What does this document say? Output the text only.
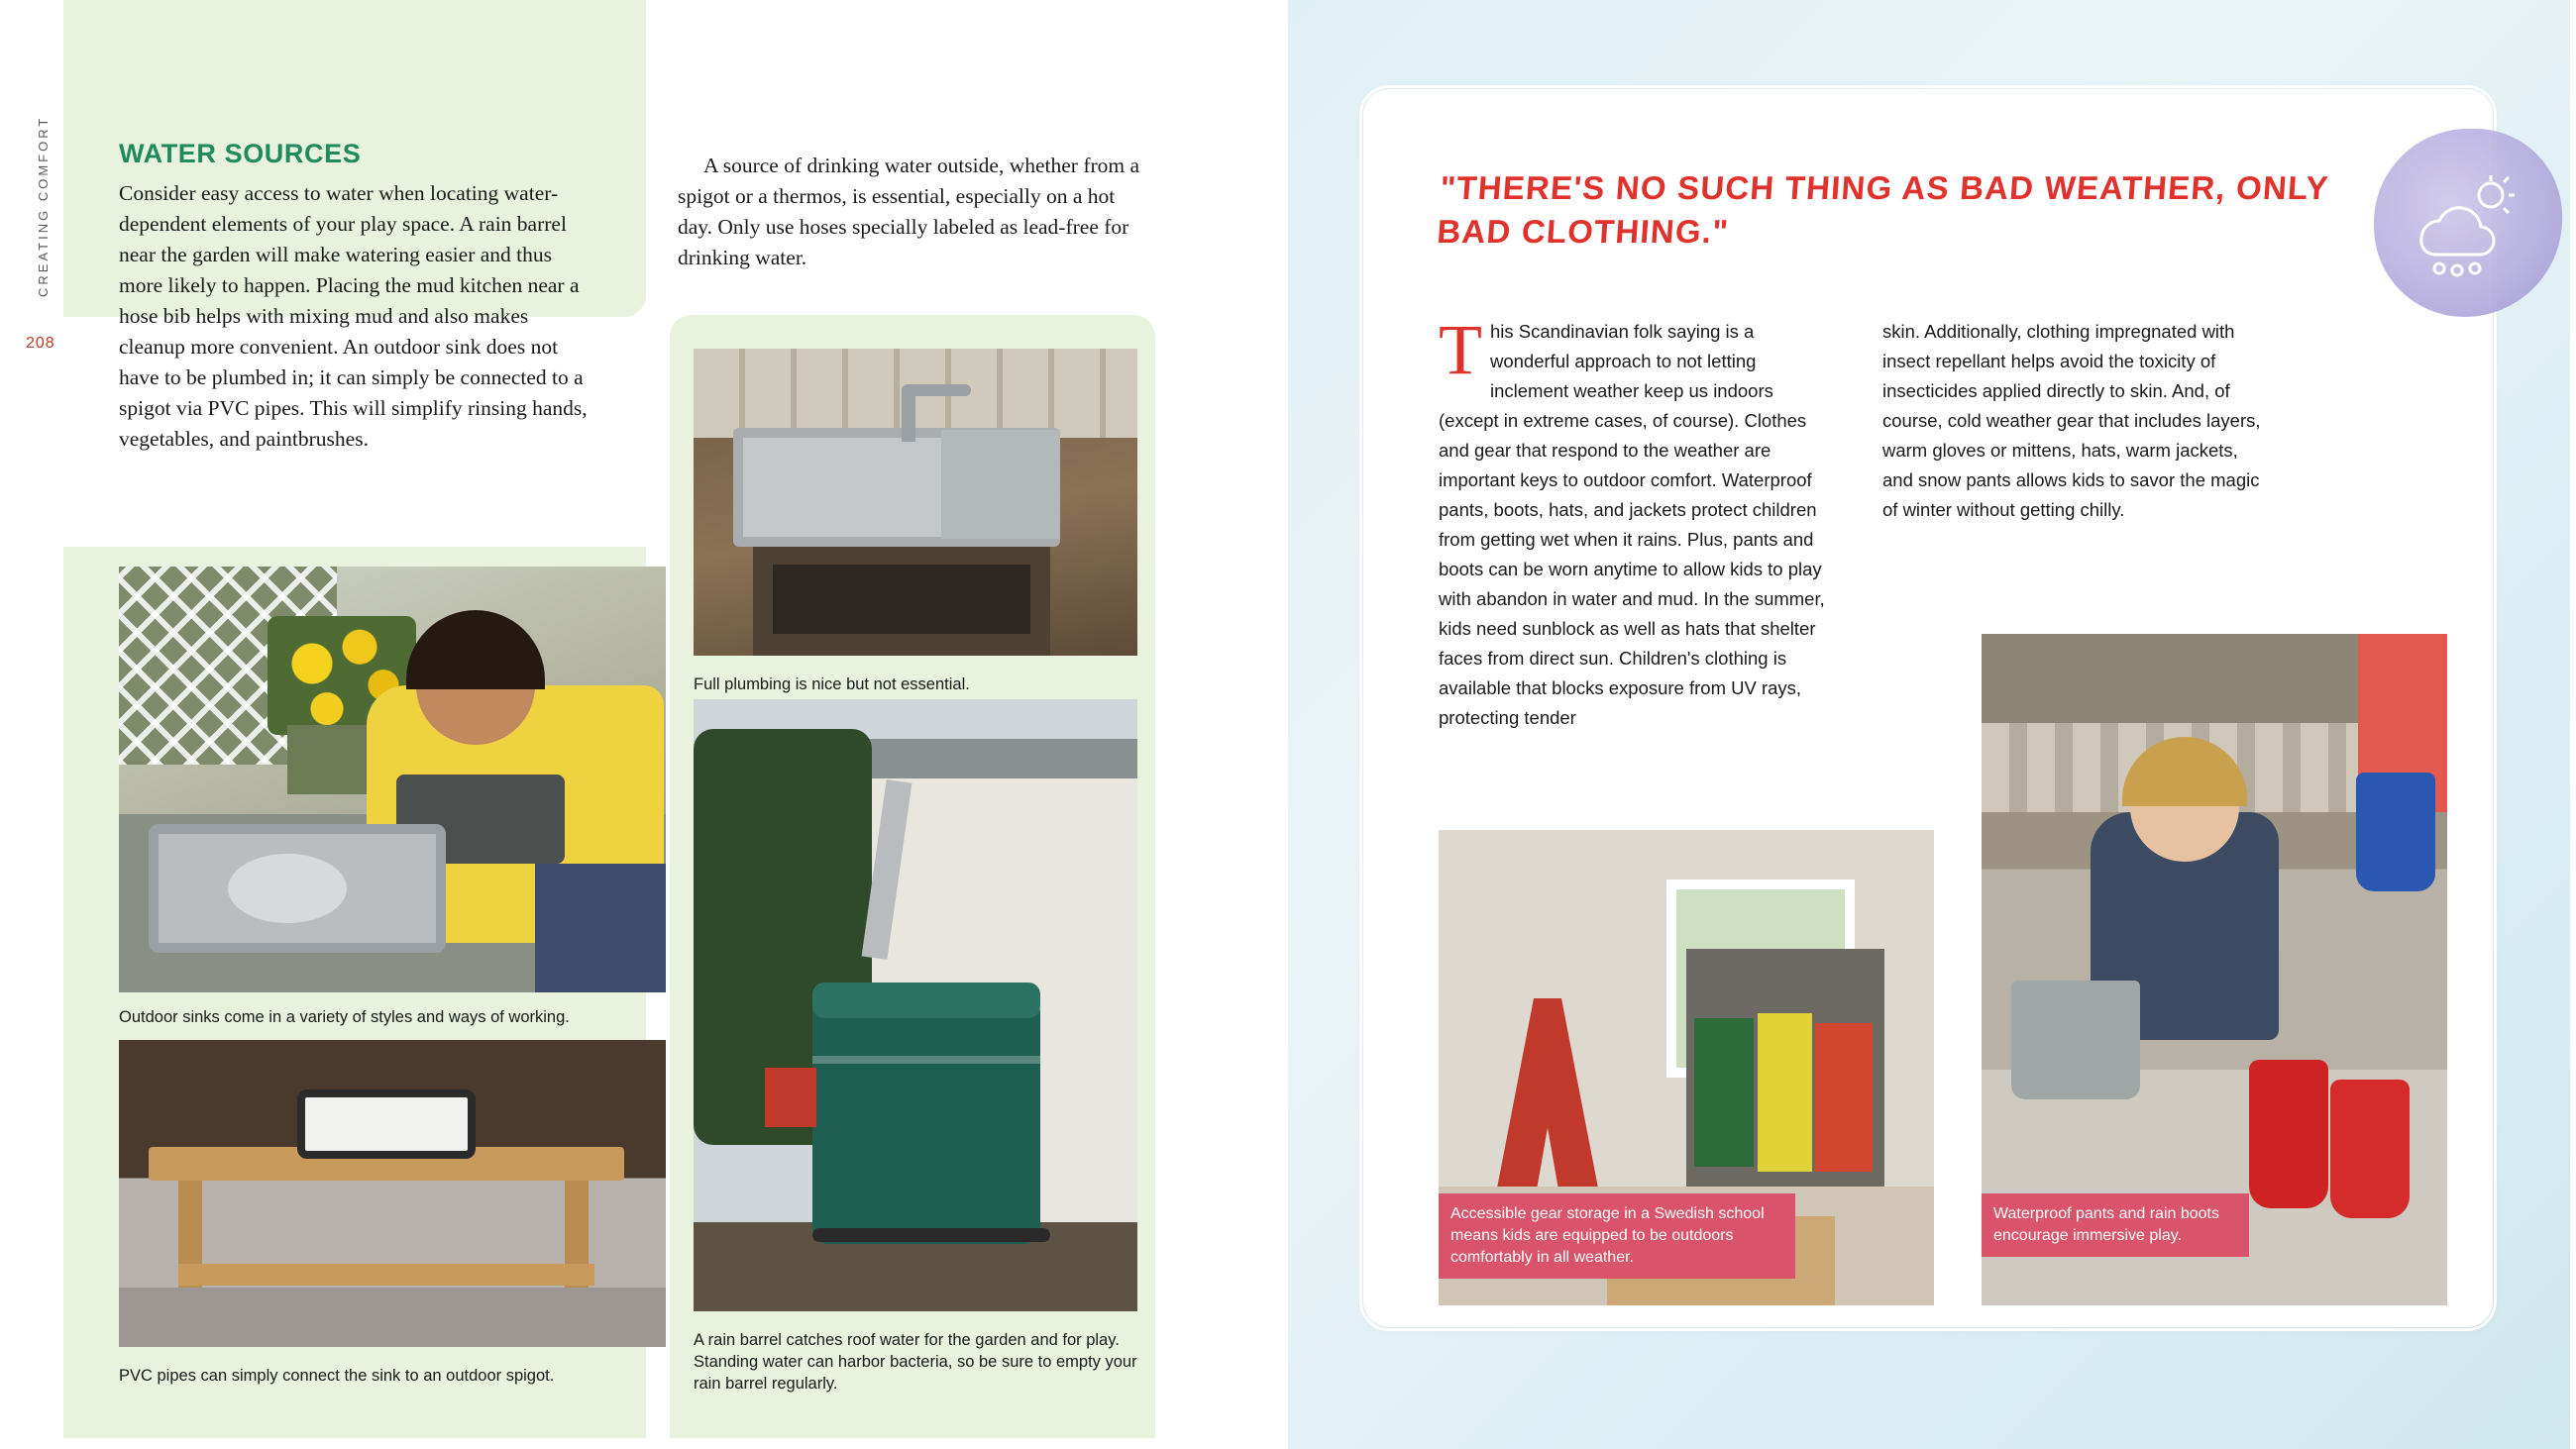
CREATING COMFORT
208
WATER SOURCES
Consider easy access to water when locating water-dependent elements of your play space. A rain barrel near the garden will make watering easier and thus more likely to happen. Placing the mud kitchen near a hose bib helps with mixing mud and also makes cleanup more convenient. An outdoor sink does not have to be plumbed in; it can simply be connected to a spigot via PVC pipes. This will simplify rinsing hands, vegetables, and paintbrushes.
A source of drinking water outside, whether from a spigot or a thermos, is essential, especially on a hot day. Only use hoses specially labeled as lead-free for drinking water.
Outdoor sinks come in a variety of styles and ways of working.
PVC pipes can simply connect the sink to an outdoor spigot.
Full plumbing is nice but not essential.
A rain barrel catches roof water for the garden and for play. Standing water can harbor bacteria, so be sure to empty your rain barrel regularly.
"THERE'S NO SUCH THING AS BAD WEATHER, ONLY BAD CLOTHING."
This Scandinavian folk saying is a wonderful approach to not letting inclement weather keep us indoors (except in extreme cases, of course). Clothes and gear that respond to the weather are important keys to outdoor comfort. Waterproof pants, boots, hats, and jackets protect children from getting wet when it rains. Plus, pants and boots can be worn anytime to allow kids to play with abandon in water and mud. In the summer, kids need sunblock as well as hats that shelter faces from direct sun. Children's clothing is available that blocks exposure from UV rays, protecting tender
skin. Additionally, clothing impregnated with insect repellant helps avoid the toxicity of insecticides applied directly to skin. And, of course, cold weather gear that includes layers, warm gloves or mittens, hats, warm jackets, and snow pants allows kids to savor the magic of winter without getting chilly.
Accessible gear storage in a Swedish school means kids are equipped to be outdoors comfortably in all weather.
Waterproof pants and rain boots encourage immersive play.
